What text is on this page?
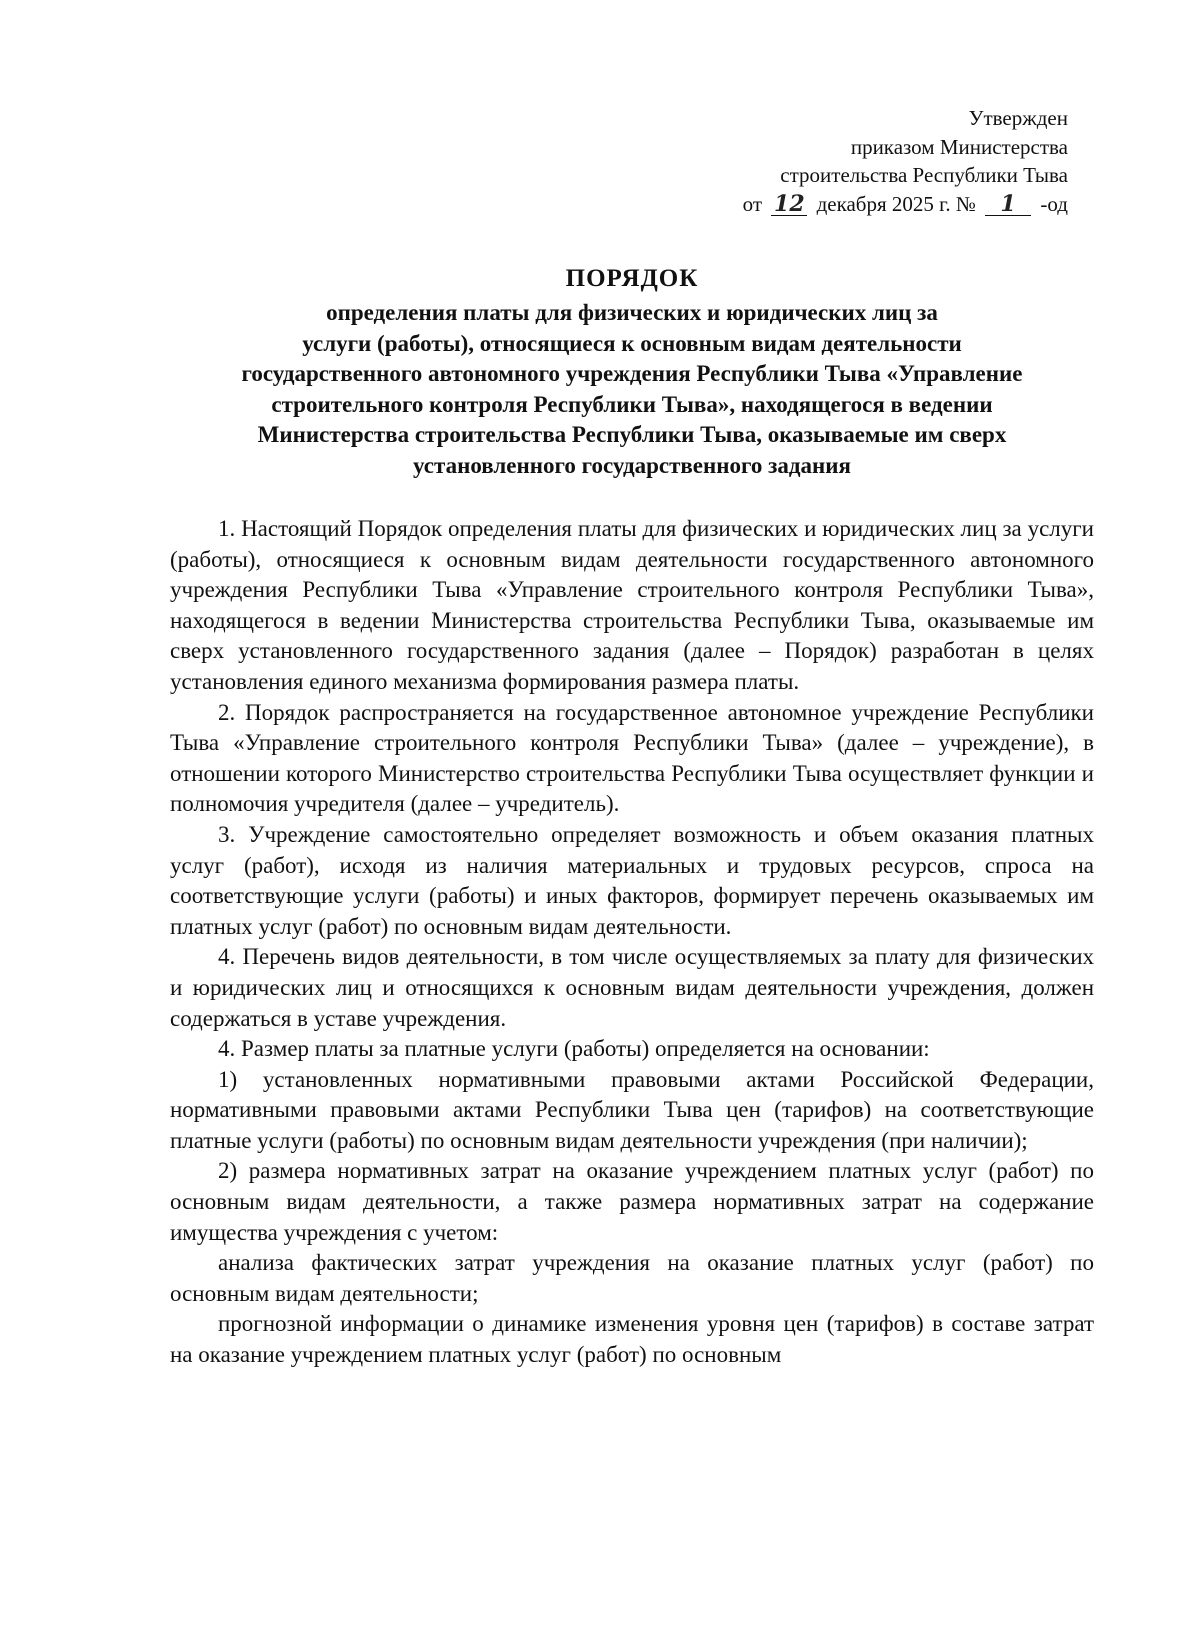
Утвержден
приказом Министерства
строительства Республики Тыва
от 12 декабря 2025 г. № 1 -од
ПОРЯДОК
определения платы для физических и юридических лиц за
услуги (работы), относящиеся к основным видам деятельности
государственного автономного учреждения Республики Тыва «Управление
строительного контроля Республики Тыва», находящегося в ведении
Министерства строительства Республики Тыва, оказываемые им сверх
установленного государственного задания

1. Настоящий Порядок определения платы для физических и юридических лиц за услуги (работы), относящиеся к основным видам деятельности государственного автономного учреждения Республики Тыва «Управление строительного контроля Республики Тыва», находящегося в ведении Министерства строительства Республики Тыва, оказываемые им сверх установленного государственного задания (далее – Порядок) разработан в целях установления единого механизма формирования размера платы.

2. Порядок распространяется на государственное автономное учреждение Республики Тыва «Управление строительного контроля Республики Тыва» (далее – учреждение), в отношении которого Министерство строительства Республики Тыва осуществляет функции и полномочия учредителя (далее – учредитель).

3. Учреждение самостоятельно определяет возможность и объем оказания платных услуг (работ), исходя из наличия материальных и трудовых ресурсов, спроса на соответствующие услуги (работы) и иных факторов, формирует перечень оказываемых им платных услуг (работ) по основным видам деятельности.

4. Перечень видов деятельности, в том числе осуществляемых за плату для физических и юридических лиц и относящихся к основным видам деятельности учреждения, должен содержаться в уставе учреждения.

4. Размер платы за платные услуги (работы) определяется на основании:

1) установленных нормативными правовыми актами Российской Федерации, нормативными правовыми актами Республики Тыва цен (тарифов) на соответствующие платные услуги (работы) по основным видам деятельности учреждения (при наличии);

2) размера нормативных затрат на оказание учреждением платных услуг (работ) по основным видам деятельности, а также размера нормативных затрат на содержание имущества учреждения с учетом:

анализа фактических затрат учреждения на оказание платных услуг (работ) по основным видам деятельности;

прогнозной информации о динамике изменения уровня цен (тарифов) в составе затрат на оказание учреждением платных услуг (работ) по основным
